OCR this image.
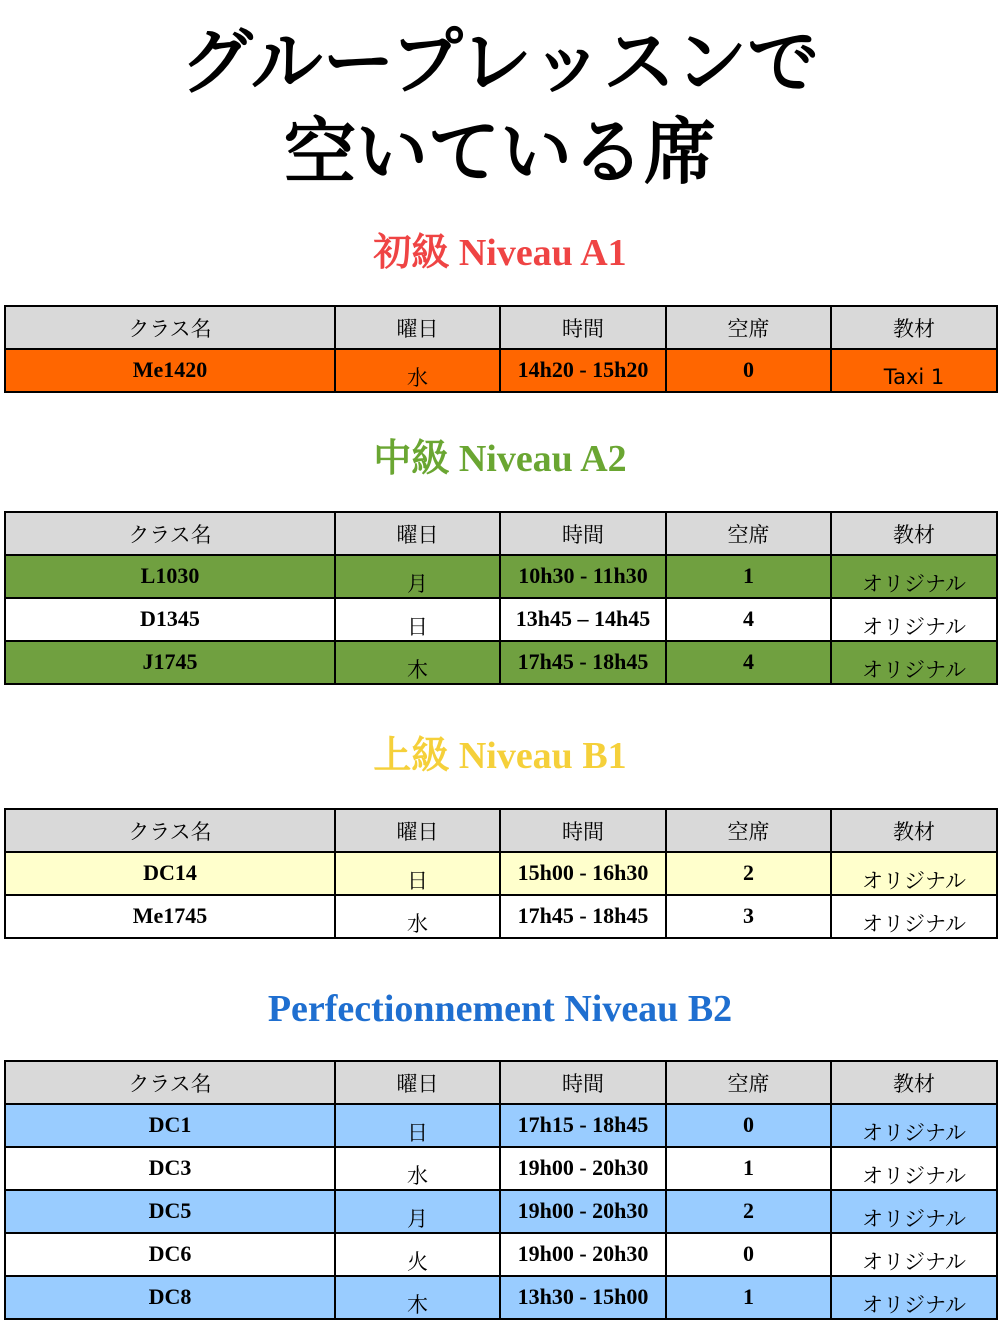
グループレッスンで
空いている席
初級 Niveau A1
クラス名	曜日	時間	空席	教材
Me1420	水	14h20 - 15h20	0	Taxi 1
中級 Niveau A2
クラス名	曜日	時間	空席	教材
L1030	月	10h30 - 11h30	1	オリジナル
D1345	日	13h45 – 14h45	4	オリジナル
J1745	木	17h45 - 18h45	4	オリジナル
上級 Niveau B1
クラス名	曜日	時間	空席	教材
DC14	日	15h00 - 16h30	2	オリジナル
Me1745	水	17h45 - 18h45	3	オリジナル
Perfectionnement Niveau B2
クラス名	曜日	時間	空席	教材
DC1	日	17h15 - 18h45	0	オリジナル
DC3	水	19h00 - 20h30	1	オリジナル
DC5	月	19h00 - 20h30	2	オリジナル
DC6	火	19h00 - 20h30	0	オリジナル
DC8	木	13h30 - 15h00	1	オリジナル
